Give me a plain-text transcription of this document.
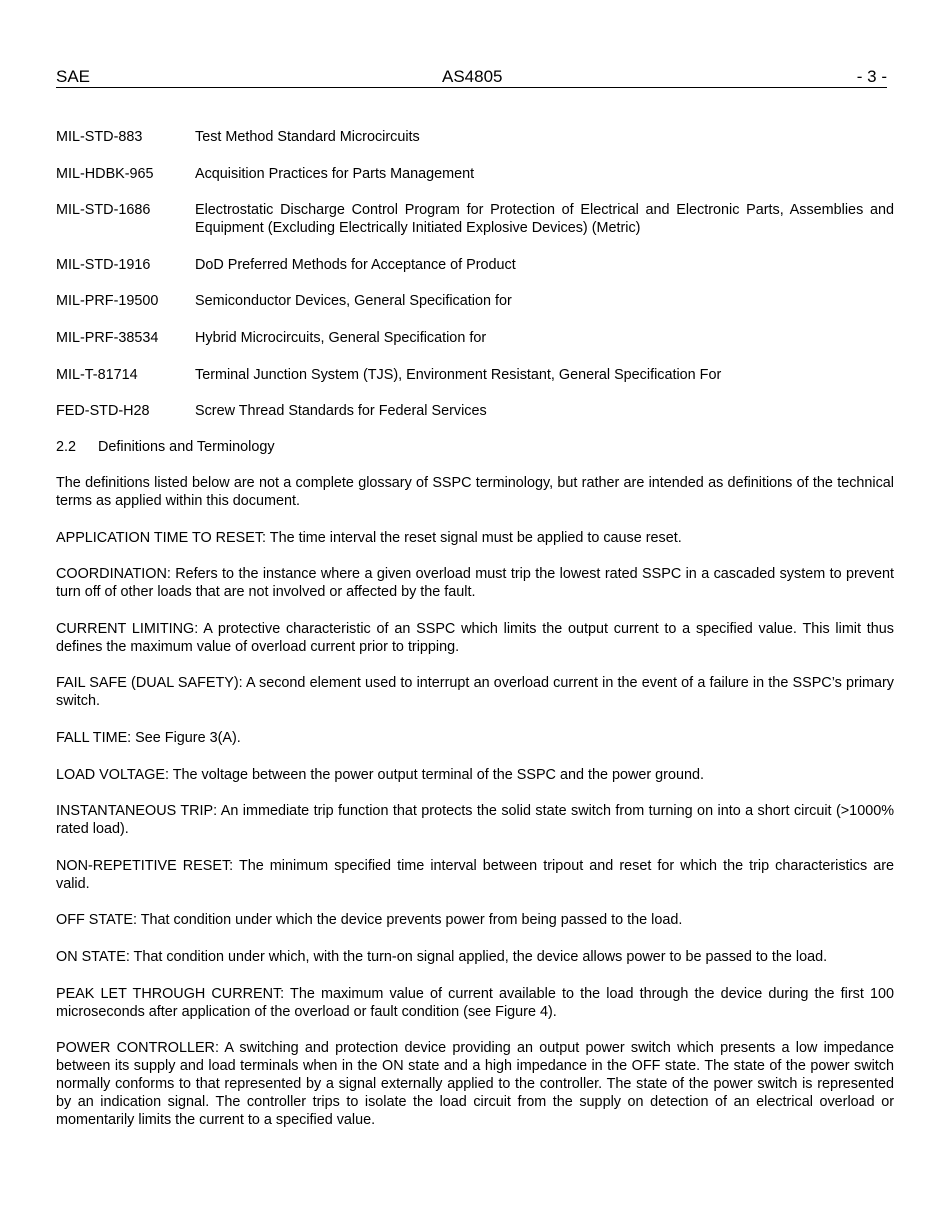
SAE	AS4805	- 3 -
MIL-STD-883	Test Method Standard Microcircuits
MIL-HDBK-965	Acquisition Practices for Parts Management
MIL-STD-1686	Electrostatic Discharge Control Program for Protection of Electrical and Electronic Parts, Assemblies and Equipment (Excluding Electrically Initiated Explosive Devices) (Metric)
MIL-STD-1916	DoD Preferred Methods for Acceptance of Product
MIL-PRF-19500	Semiconductor Devices, General Specification for
MIL-PRF-38534	Hybrid Microcircuits, General Specification for
MIL-T-81714	Terminal Junction System (TJS), Environment Resistant, General Specification For
FED-STD-H28	Screw Thread Standards for Federal Services
2.2 Definitions and Terminology

The definitions listed below are not a complete glossary of SSPC terminology, but rather are intended as definitions of the technical terms as applied within this document.

APPLICATION TIME TO RESET: The time interval the reset signal must be applied to cause reset.

COORDINATION: Refers to the instance where a given overload must trip the lowest rated SSPC in a cascaded system to prevent turn off of other loads that are not involved or affected by the fault.

CURRENT LIMITING: A protective characteristic of an SSPC which limits the output current to a specified value. This limit thus defines the maximum value of overload current prior to tripping.

FAIL SAFE (DUAL SAFETY): A second element used to interrupt an overload current in the event of a failure in the SSPC’s primary switch.

FALL TIME: See Figure 3(A).

LOAD VOLTAGE: The voltage between the power output terminal of the SSPC and the power ground.

INSTANTANEOUS TRIP: An immediate trip function that protects the solid state switch from turning on into a short circuit (>1000% rated load).

NON-REPETITIVE RESET: The minimum specified time interval between tripout and reset for which the trip characteristics are valid.

OFF STATE: That condition under which the device prevents power from being passed to the load.

ON STATE: That condition under which, with the turn-on signal applied, the device allows power to be passed to the load.

PEAK LET THROUGH CURRENT: The maximum value of current available to the load through the device during the first 100 microseconds after application of the overload or fault condition (see Figure 4).

POWER CONTROLLER: A switching and protection device providing an output power switch which presents a low impedance between its supply and load terminals when in the ON state and a high impedance in the OFF state. The state of the power switch normally conforms to that represented by a signal externally applied to the controller. The state of the power switch is represented by an indication signal. The controller trips to isolate the load circuit from the supply on detection of an electrical overload or momentarily limits the current to a specified value.
